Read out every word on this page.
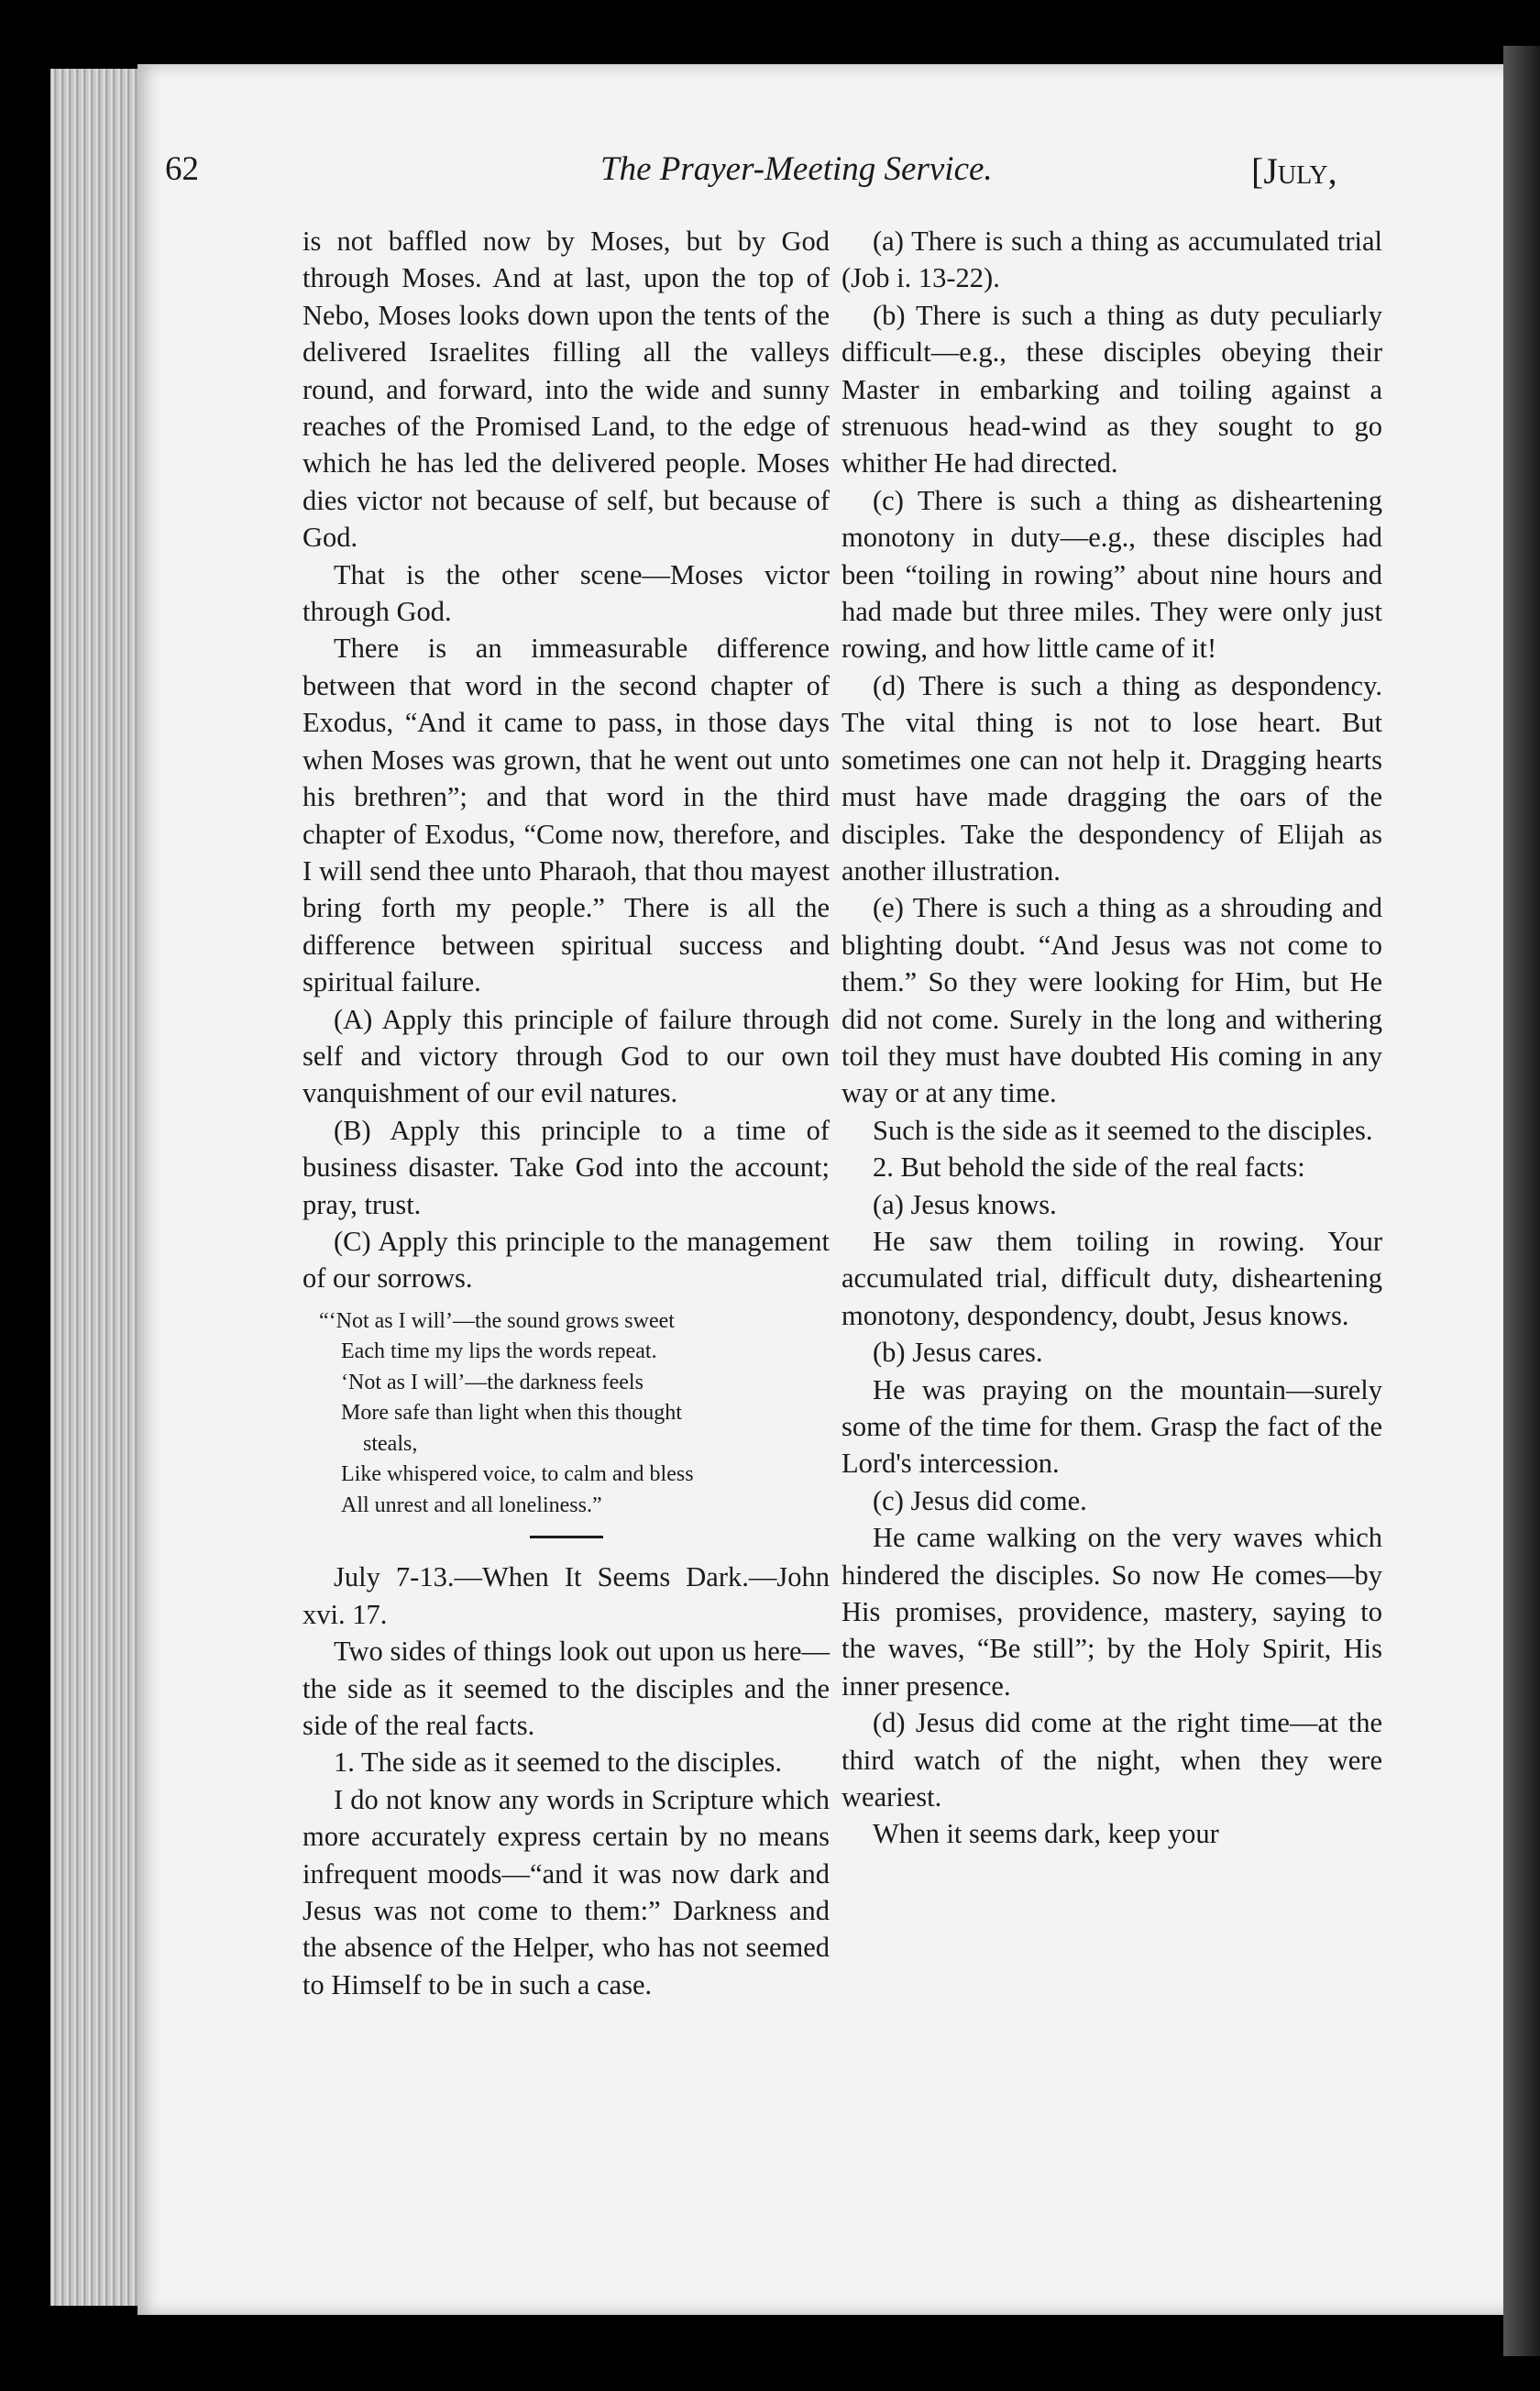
62	The Prayer-Meeting Service.	[July,

is not baffled now by Moses, but by God through Moses. And at last, upon the top of Nebo, Moses looks down upon the tents of the delivered Israelites filling all the valleys round, and forward, into the wide and sunny reaches of the Promised Land, to the edge of which he has led the delivered people. Moses dies victor not because of self, but because of God.

That is the other scene—Moses victor through God.

There is an immeasurable difference between that word in the second chapter of Exodus, “And it came to pass, in those days when Moses was grown, that he went out unto his brethren”; and that word in the third chapter of Exodus, “Come now, therefore, and I will send thee unto Pharaoh, that thou mayest bring forth my people.” There is all the difference between spiritual success and spiritual failure.

(A) Apply this principle of failure through self and victory through God to our own vanquishment of our evil natures.

(B) Apply this principle to a time of business disaster. Take God into the account; pray, trust.

(C) Apply this principle to the management of our sorrows.

“‘Not as I will’—the sound grows sweet
Each time my lips the words repeat.
‘Not as I will’—the darkness feels
More safe than light when this thought
steals,
Like whispered voice, to calm and bless
All unrest and all loneliness.”

July 7-13.—When It Seems Dark.—John xvi. 17.

Two sides of things look out upon us here—the side as it seemed to the disciples and the side of the real facts.

1. The side as it seemed to the disciples.

I do not know any words in Scripture which more accurately express certain by no means infrequent moods—“and it was now dark and Jesus was not come to them:” Darkness and the absence of the Helper, who has not seemed to Himself to be in such a case.

(a) There is such a thing as accumulated trial (Job i. 13-22).

(b) There is such a thing as duty peculiarly difficult—e.g., these disciples obeying their Master in embarking and toiling against a strenuous head-wind as they sought to go whither He had directed.

(c) There is such a thing as disheartening monotony in duty—e.g., these disciples had been “toiling in rowing” about nine hours and had made but three miles. They were only just rowing, and how little came of it!

(d) There is such a thing as despondency. The vital thing is not to lose heart. But sometimes one can not help it. Dragging hearts must have made dragging the oars of the disciples. Take the despondency of Elijah as another illustration.

(e) There is such a thing as a shrouding and blighting doubt. “And Jesus was not come to them.” So they were looking for Him, but He did not come. Surely in the long and withering toil they must have doubted His coming in any way or at any time.

Such is the side as it seemed to the disciples.

2. But behold the side of the real facts:

(a) Jesus knows.

He saw them toiling in rowing. Your accumulated trial, difficult duty, disheartening monotony, despondency, doubt, Jesus knows.

(b) Jesus cares.

He was praying on the mountain—surely some of the time for them. Grasp the fact of the Lord's intercession.

(c) Jesus did come.

He came walking on the very waves which hindered the disciples. So now He comes—by His promises, providence, mastery, saying to the waves, “Be still”; by the Holy Spirit, His inner presence.

(d) Jesus did come at the right time—at the third watch of the night, when they were weariest.

When it seems dark, keep your
